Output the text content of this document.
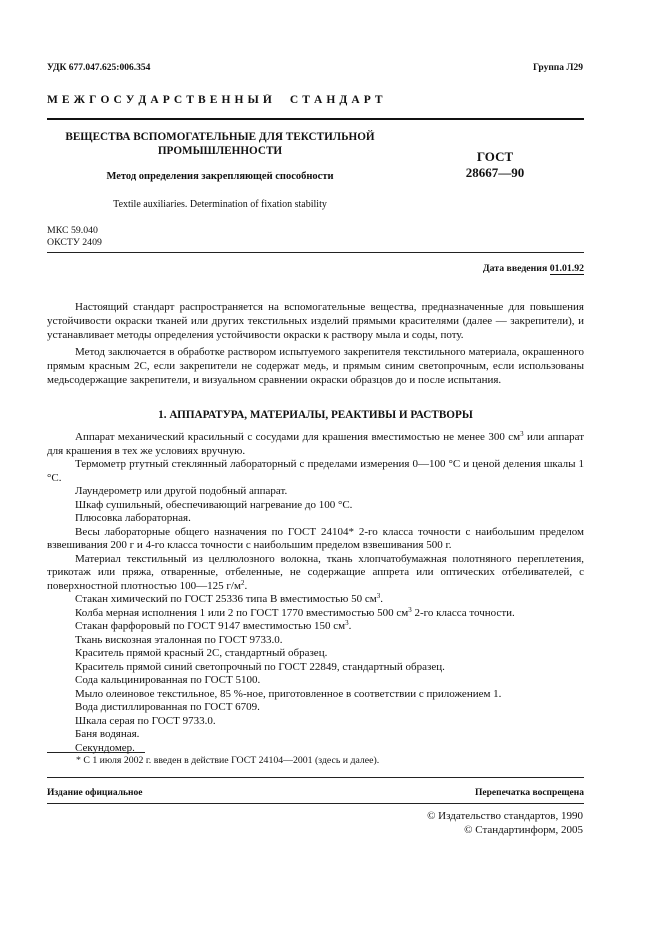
УДК 677.047.625:006.354	Группа Л29
М Е Ж Г О С У Д А Р С Т В Е Н Н Ы Й     С Т А Н Д А Р Т
ВЕЩЕСТВА ВСПОМОГАТЕЛЬНЫЕ ДЛЯ ТЕКСТИЛЬНОЙ
ПРОМЫШЛЕННОСТИ
Метод определения закрепляющей способности
Textile auxiliaries. Determination of fixation stability
ГОСТ
28667—90
МКС 59.040
ОКСТУ 2409
Дата введения 01.01.92

Настоящий стандарт распространяется на вспомогательные вещества, предназначенные для повышения устойчивости окраски тканей или других текстильных изделий прямыми красителями (далее — закрепители), и устанавливает методы определения устойчивости окраски к раствору мыла и соды, поту.

Метод заключается в обработке раствором испытуемого закрепителя текстильного материала, окрашенного прямым красным 2С, если закрепители не содержат медь, и прямым синим светопрочным, если использованы медьсодержащие закрепители, и визуальном сравнении окраски образцов до и после испытания.

1. АППАРАТУРА, МАТЕРИАЛЫ, РЕАКТИВЫ И РАСТВОРЫ

Аппарат механический красильный с сосудами для крашения вместимостью не менее 300 $см^3$ или аппарат для крашения в тех же условиях вручную.

Термометр ртутный стеклянный лабораторный с пределами измерения 0—100 °С и ценой деления шкалы 1 °С.

Лаундерометр или другой подобный аппарат.

Шкаф сушильный, обеспечивающий нагревание до 100 °С.

Плюсовка лабораторная.

Весы лабораторные общего назначения по ГОСТ 24104* 2-го класса точности с наибольшим пределом взвешивания 200 г и 4-го класса точности с наибольшим пределом взвешивания 500 г.

Материал текстильный из целлюлозного волокна, ткань хлопчатобумажная полотняного переплетения, трикотаж или пряжа, отваренные, отбеленные, не содержащие аппрета или оптических отбеливателей, с поверхностной плотностью 100—125 $г/м^2$.

Стакан химический по ГОСТ 25336 типа В вместимостью 50 $см^3$.

Колба мерная исполнения 1 или 2 по ГОСТ 1770 вместимостью 500 $см^3$ 2-го класса точности.

Стакан фарфоровый по ГОСТ 9147 вместимостью 150 $см^3$.

Ткань вискозная эталонная по ГОСТ 9733.0.

Краситель прямой красный 2С, стандартный образец.

Краситель прямой синий светопрочный по ГОСТ 22849, стандартный образец.

Сода кальцинированная по ГОСТ 5100.

Мыло олеиновое текстильное, 85 %-ное, приготовленное в соответствии с приложением 1.

Вода дистиллированная по ГОСТ 6709.

Шкала серая по ГОСТ 9733.0.

Баня водяная.

Секундомер.

* С 1 июля 2002 г. введен в действие ГОСТ 24104—2001 (здесь и далее).
Издание официальное	Перепечатка воспрещена
© Издательство стандартов, 1990
© Стандартинформ, 2005
